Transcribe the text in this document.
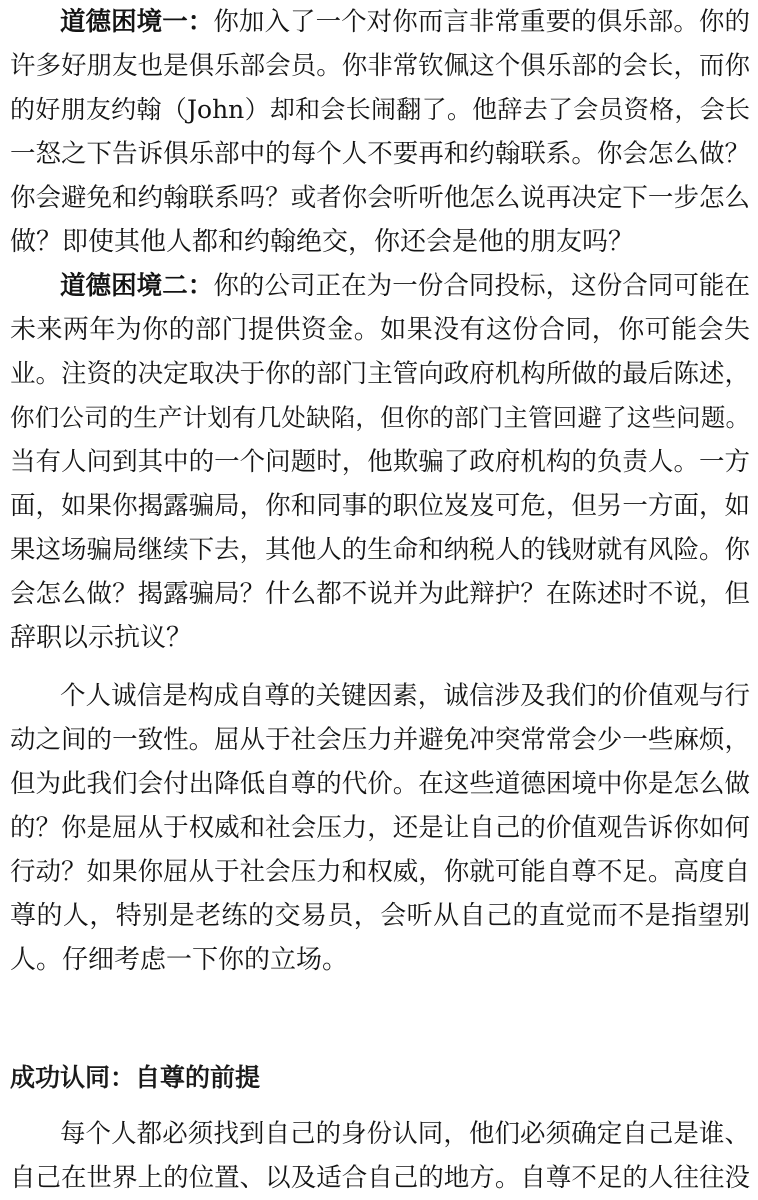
道德困境一：你加入了一个对你而言非常重要的俱乐部。你的
许多好朋友也是俱乐部会员。你非常钦佩这个俱乐部的会长，而你
的好朋友约翰（John）却和会长闹翻了。他辞去了会员资格，会长
一怒之下告诉俱乐部中的每个人不要再和约翰联系。你会怎么做？
你会避免和约翰联系吗？或者你会听听他怎么说再决定下一步怎么
做？即使其他人都和约翰绝交，你还会是他的朋友吗？
道德困境二：你的公司正在为一份合同投标，这份合同可能在
未来两年为你的部门提供资金。如果没有这份合同，你可能会失
业。注资的决定取决于你的部门主管向政府机构所做的最后陈述，
你们公司的生产计划有几处缺陷，但你的部门主管回避了这些问题。
当有人问到其中的一个问题时，他欺骗了政府机构的负责人。一方
面，如果你揭露骗局，你和同事的职位岌岌可危，但另一方面，如
果这场骗局继续下去，其他人的生命和纳税人的钱财就有风险。你
会怎么做？揭露骗局？什么都不说并为此辩护？在陈述时不说，但
辞职以示抗议？
个人诚信是构成自尊的关键因素，诚信涉及我们的价值观与行
动之间的一致性。屈从于社会压力并避免冲突常常会少一些麻烦，
但为此我们会付出降低自尊的代价。在这些道德困境中你是怎么做
的？你是屈从于权威和社会压力，还是让自己的价值观告诉你如何
行动？如果你屈从于社会压力和权威，你就可能自尊不足。高度自
尊的人，特别是老练的交易员，会听从自己的直觉而不是指望别
人。仔细考虑一下你的立场。
成功认同：自尊的前提
每个人都必须找到自己的身份认同，他们必须确定自己是谁、
自己在世界上的位置、以及适合自己的地方。自尊不足的人往往没
